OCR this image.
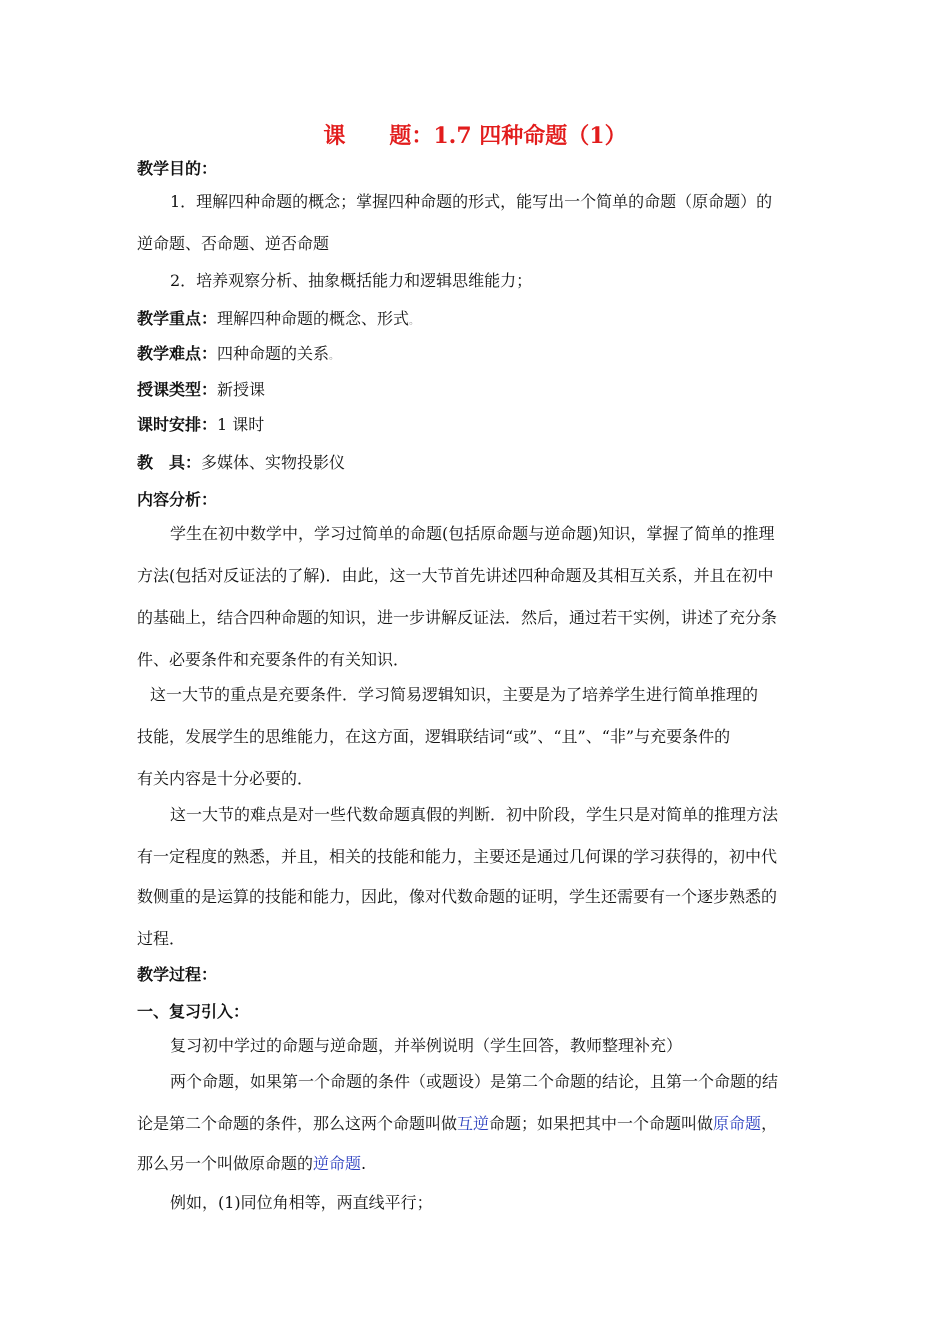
课 题：1.7 四种命题（1）
教学目的：
1．理解四种命题的概念；掌握四种命题的形式，能写出一个简单的命题（原命题）的
逆命题、否命题、逆否命题
2．培养观察分析、抽象概括能力和逻辑思维能力；
教学重点：理解四种命题的概念、形式。
教学难点：四种命题的关系。
授课类型：新授课
课时安排：1 课时
教　具：多媒体、实物投影仪
内容分析：
学生在初中数学中，学习过简单的命题(包括原命题与逆命题)知识，掌握了简单的推理
方法(包括对反证法的了解)．由此，这一大节首先讲述四种命题及其相互关系，并且在初中
的基础上，结合四种命题的知识，进一步讲解反证法．然后，通过若干实例，讲述了充分条
件、必要条件和充要条件的有关知识．
这一大节的重点是充要条件．学习简易逻辑知识，主要是为了培养学生进行简单推理的
技能，发展学生的思维能力，在这方面，逻辑联结词“或”、“且”、“非”与充要条件的
有关内容是十分必要的．
这一大节的难点是对一些代数命题真假的判断．初中阶段，学生只是对简单的推理方法
有一定程度的熟悉，并且，相关的技能和能力，主要还是通过几何课的学习获得的，初中代
数侧重的是运算的技能和能力，因此，像对代数命题的证明，学生还需要有一个逐步熟悉的
过程．
教学过程：
一、复习引入：
复习初中学过的命题与逆命题，并举例说明（学生回答，教师整理补充）
两个命题，如果第一个命题的条件（或题设）是第二个命题的结论，且第一个命题的结
论是第二个命题的条件，那么这两个命题叫做互逆命题；如果把其中一个命题叫做原命题，
那么另一个叫做原命题的逆命题.
例如，(1)同位角相等，两直线平行；
